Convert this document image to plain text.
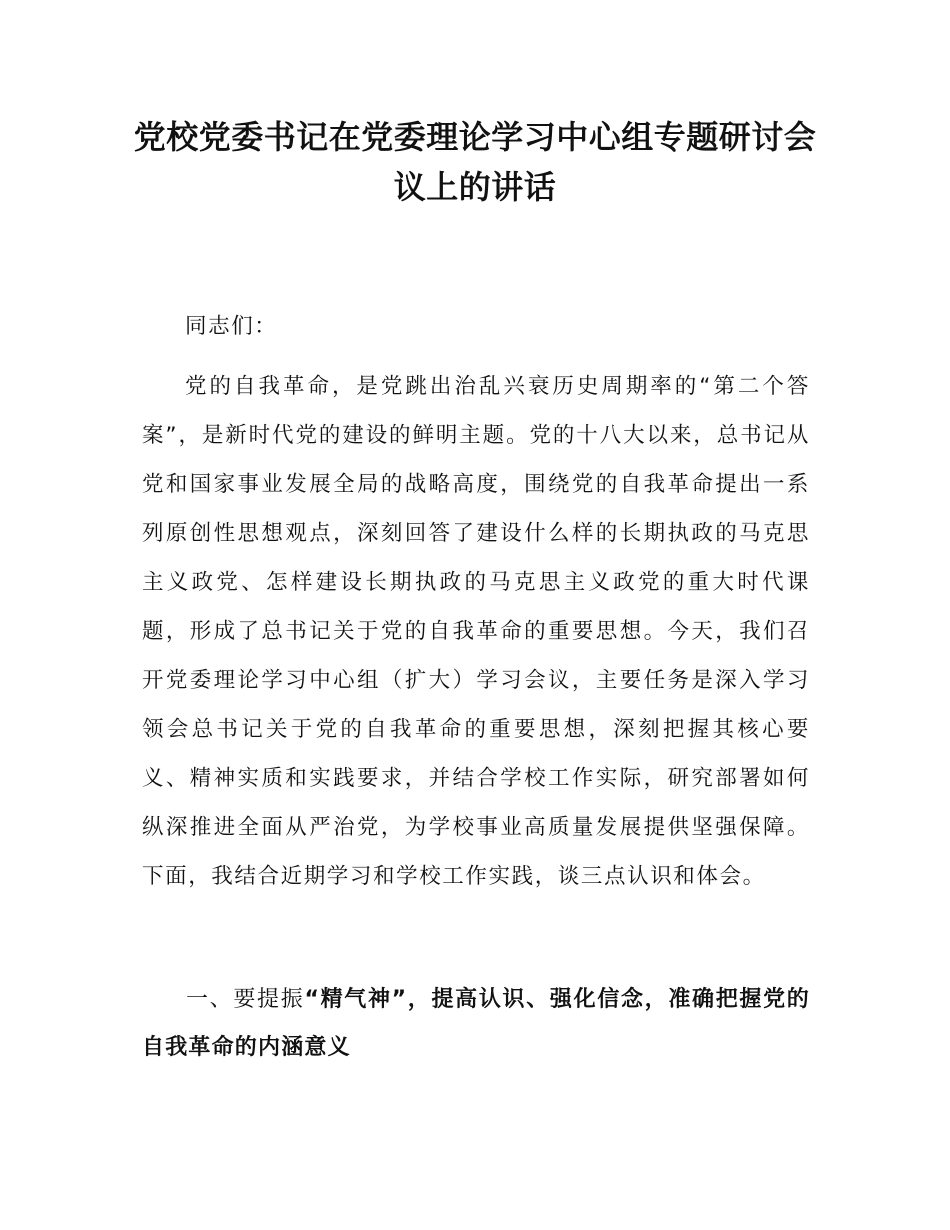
党校党委书记在党委理论学习中心组专题研讨会议上的讲话

同志们：

党的自我革命，是党跳出治乱兴衰历史周期率的“第二个答案”，是新时代党的建设的鲜明主题。党的十八大以来，总书记从党和国家事业发展全局的战略高度，围绕党的自我革命提出一系列原创性思想观点，深刻回答了建设什么样的长期执政的马克思主义政党、怎样建设长期执政的马克思主义政党的重大时代课题，形成了总书记关于党的自我革命的重要思想。今天，我们召开党委理论学习中心组（扩大）学习会议，主要任务是深入学习领会总书记关于党的自我革命的重要思想，深刻把握其核心要义、精神实质和实践要求，并结合学校工作实际，研究部署如何纵深推进全面从严治党，为学校事业高质量发展提供坚强保障。下面，我结合近期学习和学校工作实践，谈三点认识和体会。

一、要提振“精气神”，提高认识、强化信念，准确把握党的自我革命的内涵意义
